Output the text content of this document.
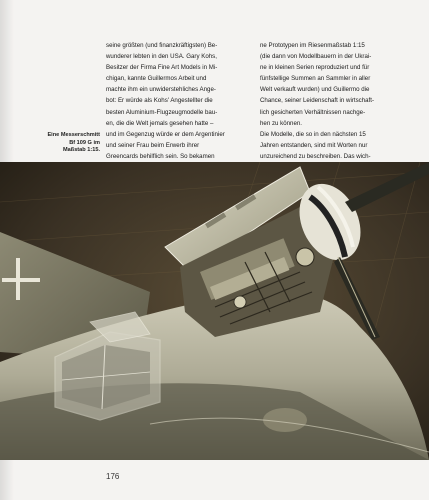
Eine Messerschmitt
Bf 109 G im
Maßstab 1:15.
seine größten (und finanzkräftigsten) Be-
wunderer lebten in den USA. Gary Kohs,
Besitzer der Firma Fine Art Models in Mi-
chigan, kannte Guillermos Arbeit und
machte ihm ein unwiderstehliches Ange-
bot: Er würde als Kohs' Angestellter die
besten Aluminium-Flugzeugmodelle bau-
en, die die Welt jemals gesehen hatte –
und im Gegenzug würde er dem Argentinier
und seiner Frau beim Erwerb ihrer
Greencards behilflich sein. So bekamen
ne Prototypen im Riesenmaßstab 1:15
(die dann von Modellbauern in der Ukrai-
ne in kleinen Serien reproduziert und für
fünfstellige Summen an Sammler in aller
Welt verkauft wurden) und Guillermo die
Chance, seiner Leidenschaft in wirtschaft-
lich gesicherten Verhältnissen nachge-
hen zu können.
Die Modelle, die so in den nächsten 15
Jahren entstanden, sind mit Worten nur
unzureichend zu beschreiben. Das wich-
176
